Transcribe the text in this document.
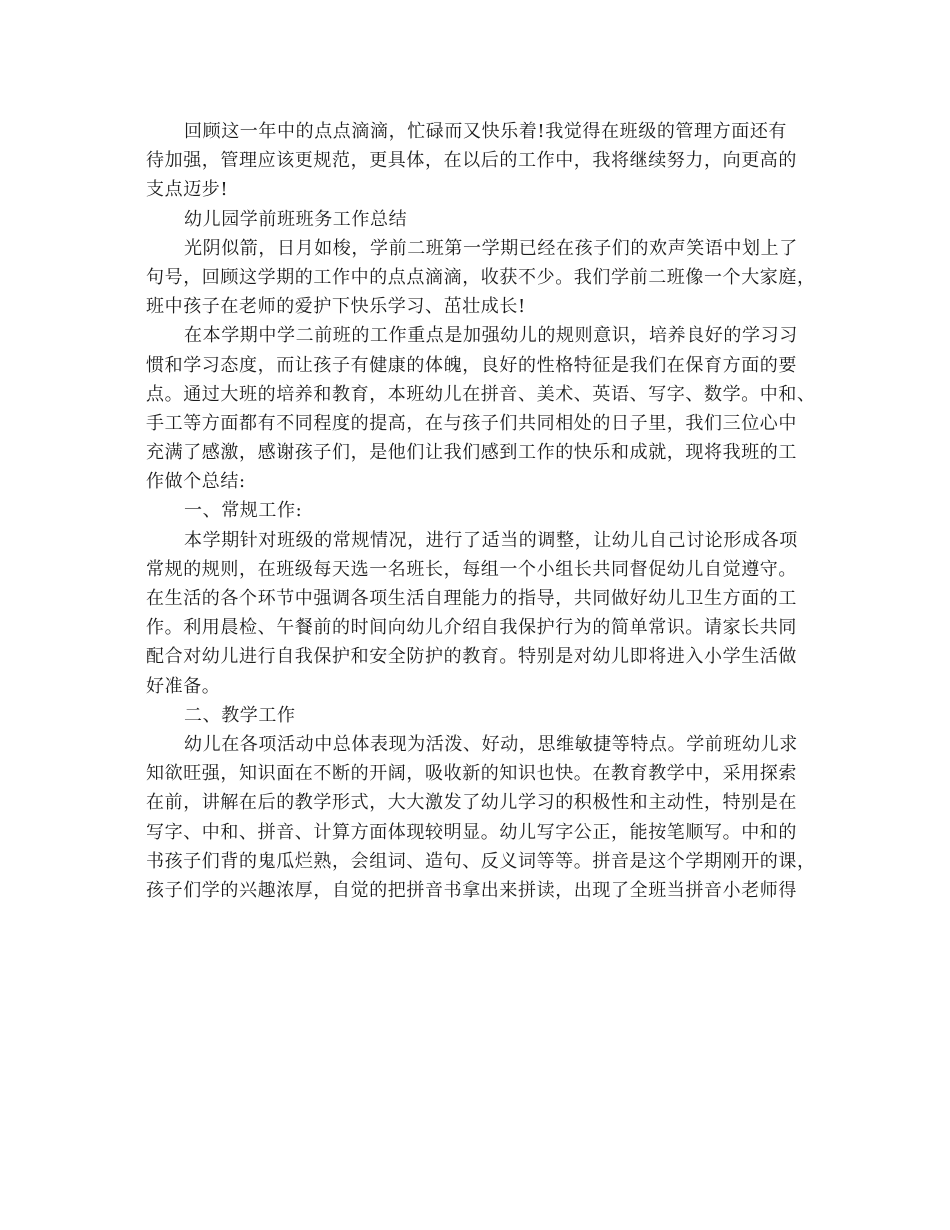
回顾这一年中的点点滴滴，忙碌而又快乐着!我觉得在班级的管理方面还有
待加强，管理应该更规范，更具体，在以后的工作中，我将继续努力，向更高的
支点迈步!
幼儿园学前班班务工作总结
光阴似箭，日月如梭，学前二班第一学期已经在孩子们的欢声笑语中划上了
句号，回顾这学期的工作中的点点滴滴，收获不少。我们学前二班像一个大家庭，
班中孩子在老师的爱护下快乐学习、茁壮成长!
在本学期中学二前班的工作重点是加强幼儿的规则意识，培养良好的学习习
惯和学习态度，而让孩子有健康的体魄，良好的性格特征是我们在保育方面的要
点。通过大班的培养和教育，本班幼儿在拼音、美术、英语、写字、数学。中和、
手工等方面都有不同程度的提高，在与孩子们共同相处的日子里，我们三位心中
充满了感激，感谢孩子们，是他们让我们感到工作的快乐和成就，现将我班的工
作做个总结:
一、常规工作:
本学期针对班级的常规情况，进行了适当的调整，让幼儿自己讨论形成各项
常规的规则，在班级每天选一名班长，每组一个小组长共同督促幼儿自觉遵守。
在生活的各个环节中强调各项生活自理能力的指导，共同做好幼儿卫生方面的工
作。利用晨检、午餐前的时间向幼儿介绍自我保护行为的简单常识。请家长共同
配合对幼儿进行自我保护和安全防护的教育。特别是对幼儿即将进入小学生活做
好准备。
二、教学工作
幼儿在各项活动中总体表现为活泼、好动，思维敏捷等特点。学前班幼儿求
知欲旺强，知识面在不断的开阔，吸收新的知识也快。在教育教学中，采用探索
在前，讲解在后的教学形式，大大激发了幼儿学习的积极性和主动性，特别是在
写字、中和、拼音、计算方面体现较明显。幼儿写字公正，能按笔顺写。中和的
书孩子们背的鬼瓜烂熟，会组词、造句、反义词等等。拼音是这个学期刚开的课，
孩子们学的兴趣浓厚，自觉的把拼音书拿出来拼读，出现了全班当拼音小老师得
